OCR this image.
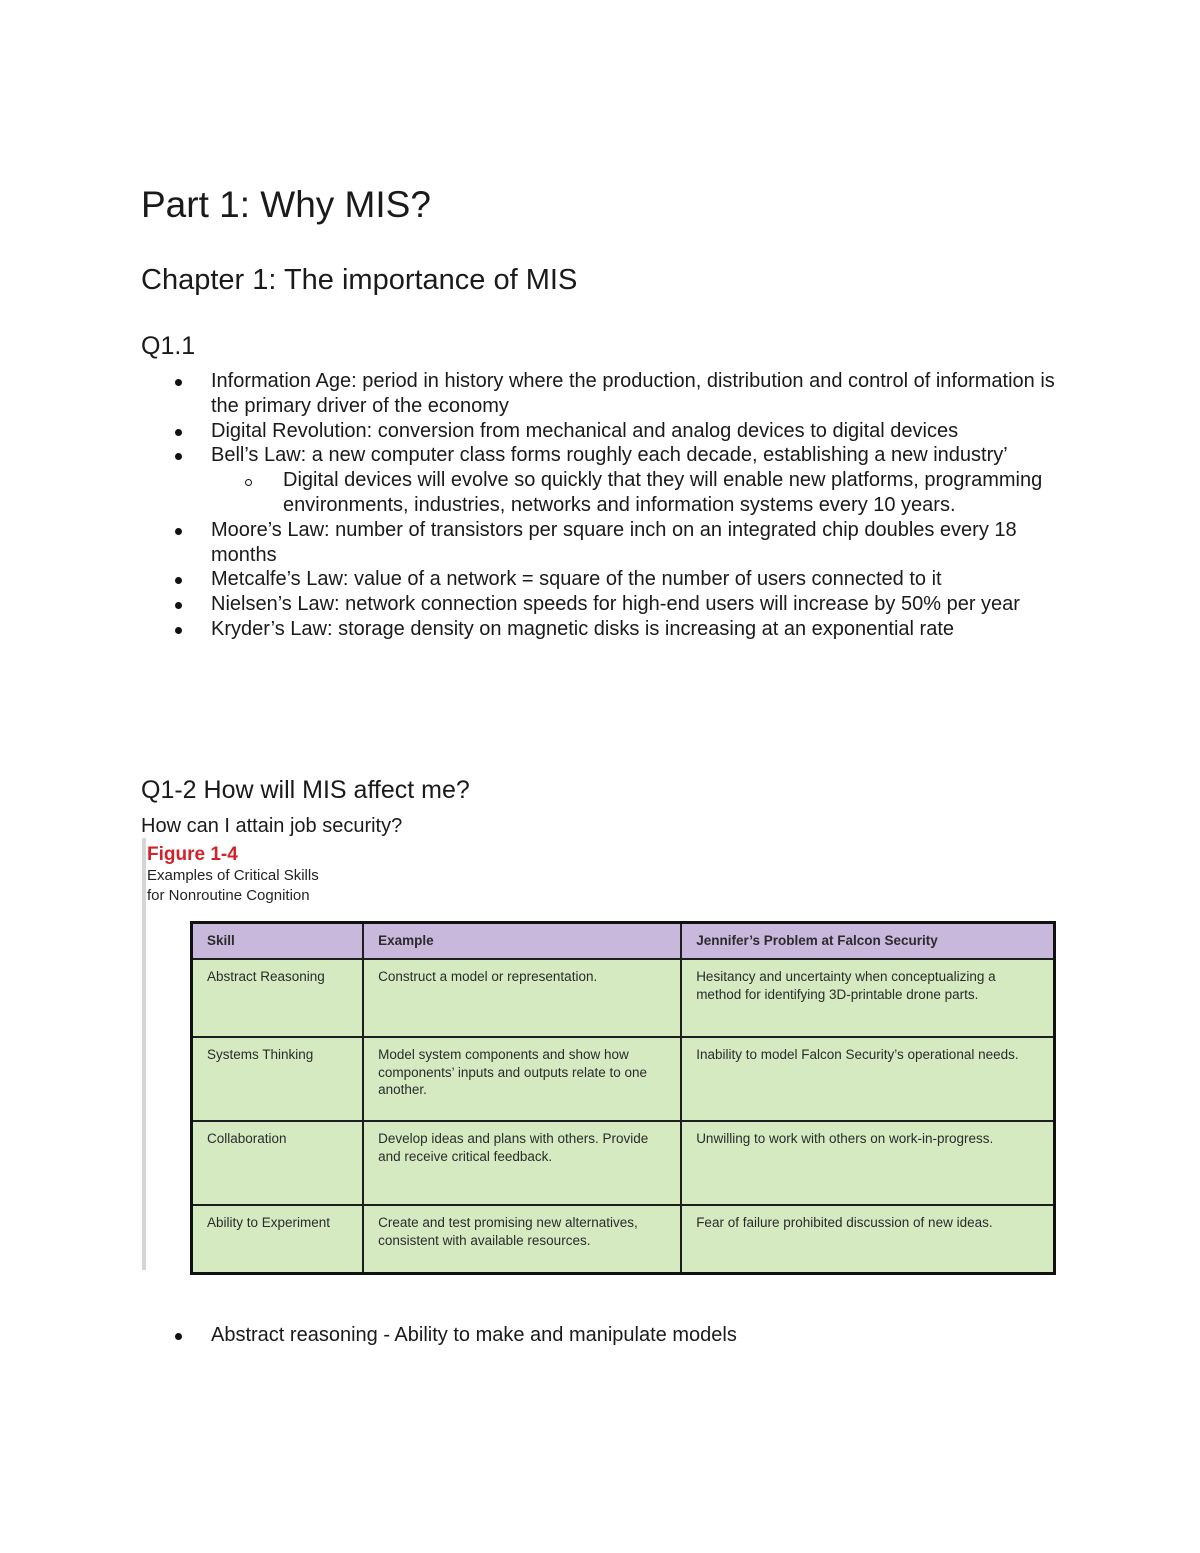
Part 1: Why MIS?
Chapter 1: The importance of MIS
Q1.1
Information Age: period in history where the production, distribution and control of information is the primary driver of the economy
Digital Revolution: conversion from mechanical and analog devices to digital devices
Bell’s Law: a new computer class forms roughly each decade, establishing a new industry’
Digital devices will evolve so quickly that they will enable new platforms, programming environments, industries, networks and information systems every 10 years.
Moore’s Law: number of transistors per square inch on an integrated chip doubles every 18 months
Metcalfe’s Law: value of a network = square of the number of users connected to it
Nielsen’s Law: network connection speeds for high-end users will increase by 50% per year
Kryder’s Law: storage density on magnetic disks is increasing at an exponential rate
Q1-2 How will MIS affect me?

How can I attain job security?

Figure 1-4
Examples of Critical Skills
for Nonroutine Cognition
Skill	Example	Jennifer’s Problem at Falcon Security
Abstract Reasoning	Construct a model or representation.	Hesitancy and uncertainty when conceptualizing a method for identifying 3D-printable drone parts.
Systems Thinking	Model system components and show how components’ inputs and outputs relate to one another.	Inability to model Falcon Security’s operational needs.
Collaboration	Develop ideas and plans with others. Provide and receive critical feedback.	Unwilling to work with others on work-in-progress.
Ability to Experiment	Create and test promising new alternatives, consistent with available resources.	Fear of failure prohibited discussion of new ideas.
Abstract reasoning - Ability to make and manipulate models
